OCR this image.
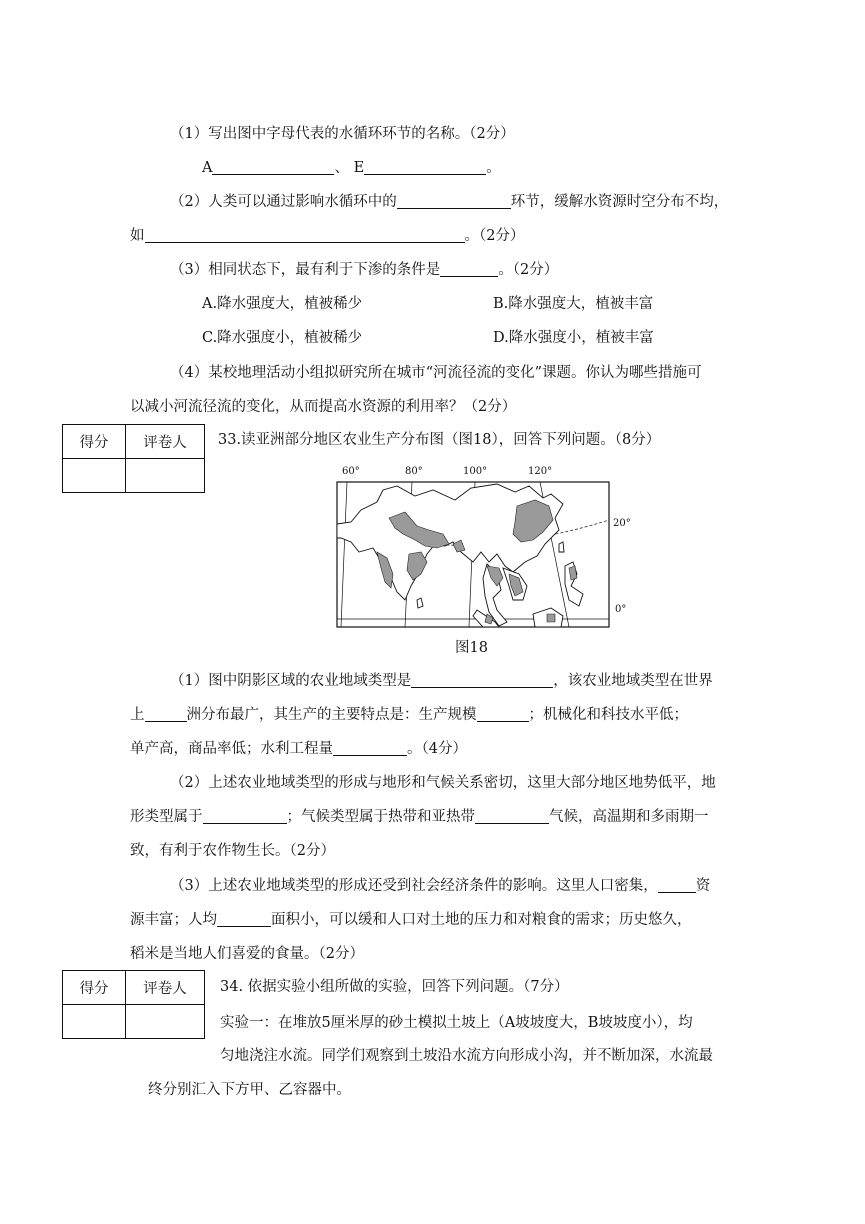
（1）写出图中字母代表的水循环环节的名称。（2分）
A	、 E	。
（2）人类可以通过影响水循环中的	环节，缓解水资源时空分布不均，
如	。（2分）
（3）相同状态下，最有利于下渗的条件是	。（2分）
A.降水强度大，植被稀少	B.降水强度大，植被丰富
C.降水强度小，植被稀少	D.降水强度小，植被丰富
（4）某校地理活动小组拟研究所在城市“河流径流的变化”课题。你认为哪些措施可
以减小河流径流的变化，从而提高水资源的利用率？（2分）
得分	评卷人
	33.读亚洲部分地区农业生产分布图（图18），回答下列问题。（8分）
60°	80°	100°	120°
20°
0°
图18
（1）图中阴影区域的农业地域类型是	，该农业地域类型在世界
上	洲分布最广，其生产的主要特点是：生产规模	；机械化和科技水平低；
单产高，商品率低；水利工程量	。（4分）
（2）上述农业地域类型的形成与地形和气候关系密切，这里大部分地区地势低平，地
形类型属于	；气候类型属于热带和亚热带	气候，高温期和多雨期一
致，有利于农作物生长。（2分）
（3）上述农业地域类型的形成还受到社会经济条件的影响。这里人口密集，	资
源丰富；人均	面积小，可以缓和人口对土地的压力和对粮食的需求；历史悠久，
稻米是当地人们喜爱的食量。（2分）
得分	评卷人
	34. 依据实验小组所做的实验，回答下列问题。（7分）
实验一：在堆放5厘米厚的砂土模拟土坡上（A坡坡度大，B坡坡度小），均
匀地浇注水流。同学们观察到土坡沿水流方向形成小沟，并不断加深，水流最
终分别汇入下方甲、乙容器中。
